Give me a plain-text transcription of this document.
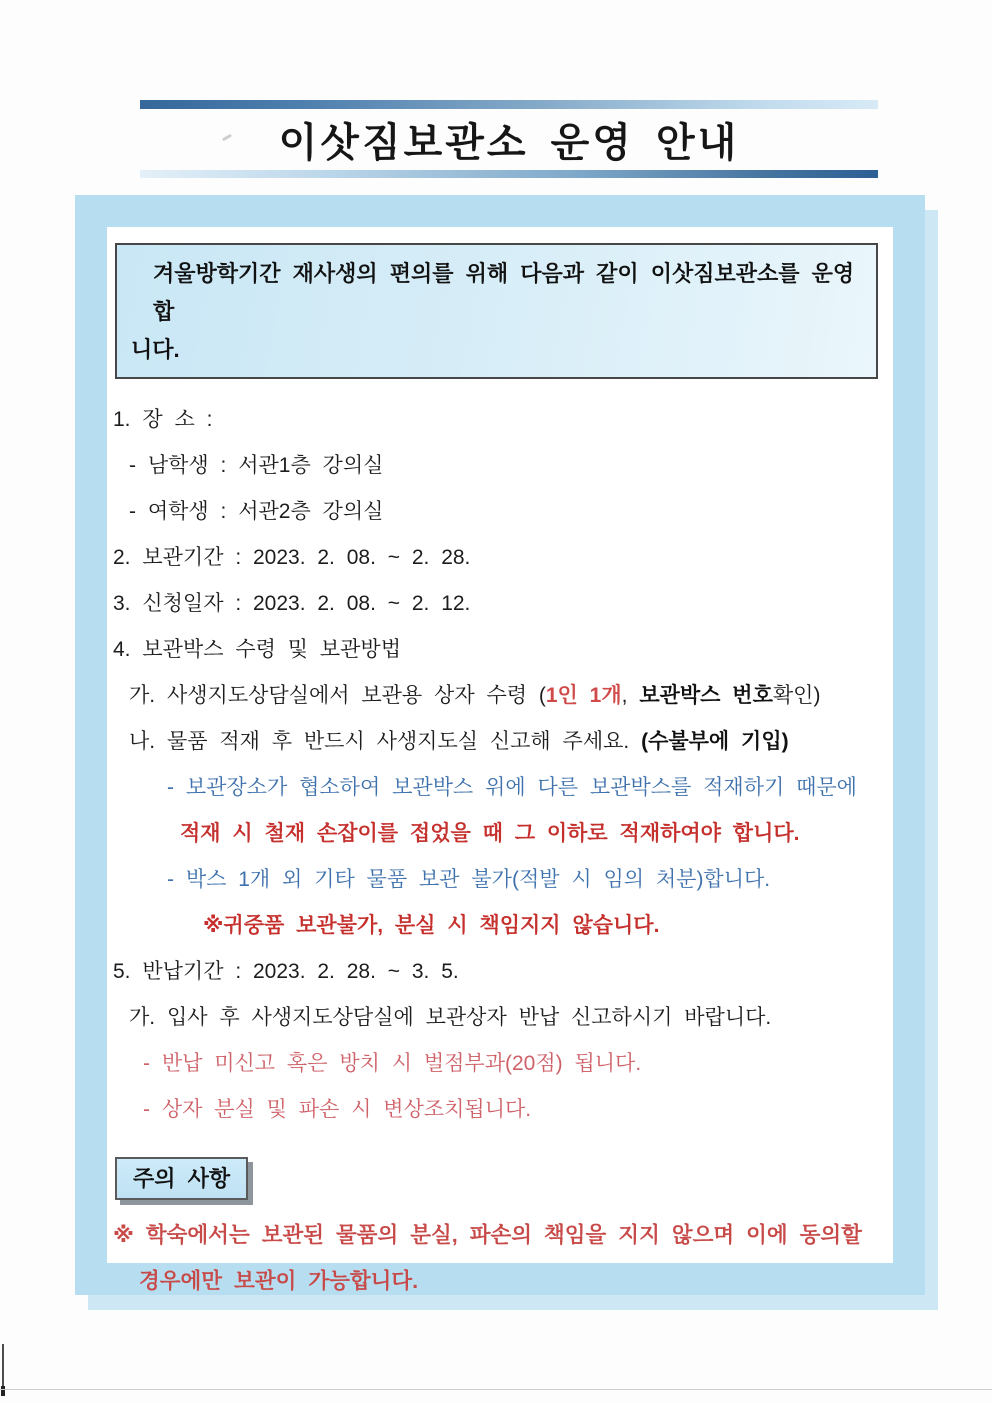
이삿짐보관소 운영 안내
겨울방학기간 재사생의 편의를 위해 다음과 같이 이삿짐보관소를 운영합
니다.
1. 장 소 :
- 남학생 : 서관1층 강의실
- 여학생 : 서관2층 강의실
2. 보관기간 : 2023. 2. 08. ~ 2. 28.
3. 신청일자 : 2023. 2. 08. ~ 2. 12.
4. 보관박스 수령 및 보관방법
가. 사생지도상담실에서 보관용 상자 수령 (1인 1개, 보관박스 번호확인)
나. 물품 적재 후 반드시 사생지도실 신고해 주세요. (수불부에 기입)
- 보관장소가 협소하여 보관박스 위에 다른 보관박스를 적재하기 때문에
적재 시 철재 손잡이를 접었을 때 그 이하로 적재하여야 합니다.
- 박스 1개 외 기타 물품 보관 불가(적발 시 임의 처분)합니다.
※귀중품 보관불가, 분실 시 책임지지 않습니다.
5. 반납기간 : 2023. 2. 28. ~ 3. 5.
가. 입사 후 사생지도상담실에 보관상자 반납 신고하시기 바랍니다.
- 반납 미신고 혹은 방치 시 벌점부과(20점) 됩니다.
- 상자 분실 및 파손 시 변상조치됩니다.
주의 사항
※ 학숙에서는 보관된 물품의 분실, 파손의 책임을 지지 않으며 이에 동의할
경우에만 보관이 가능합니다.
